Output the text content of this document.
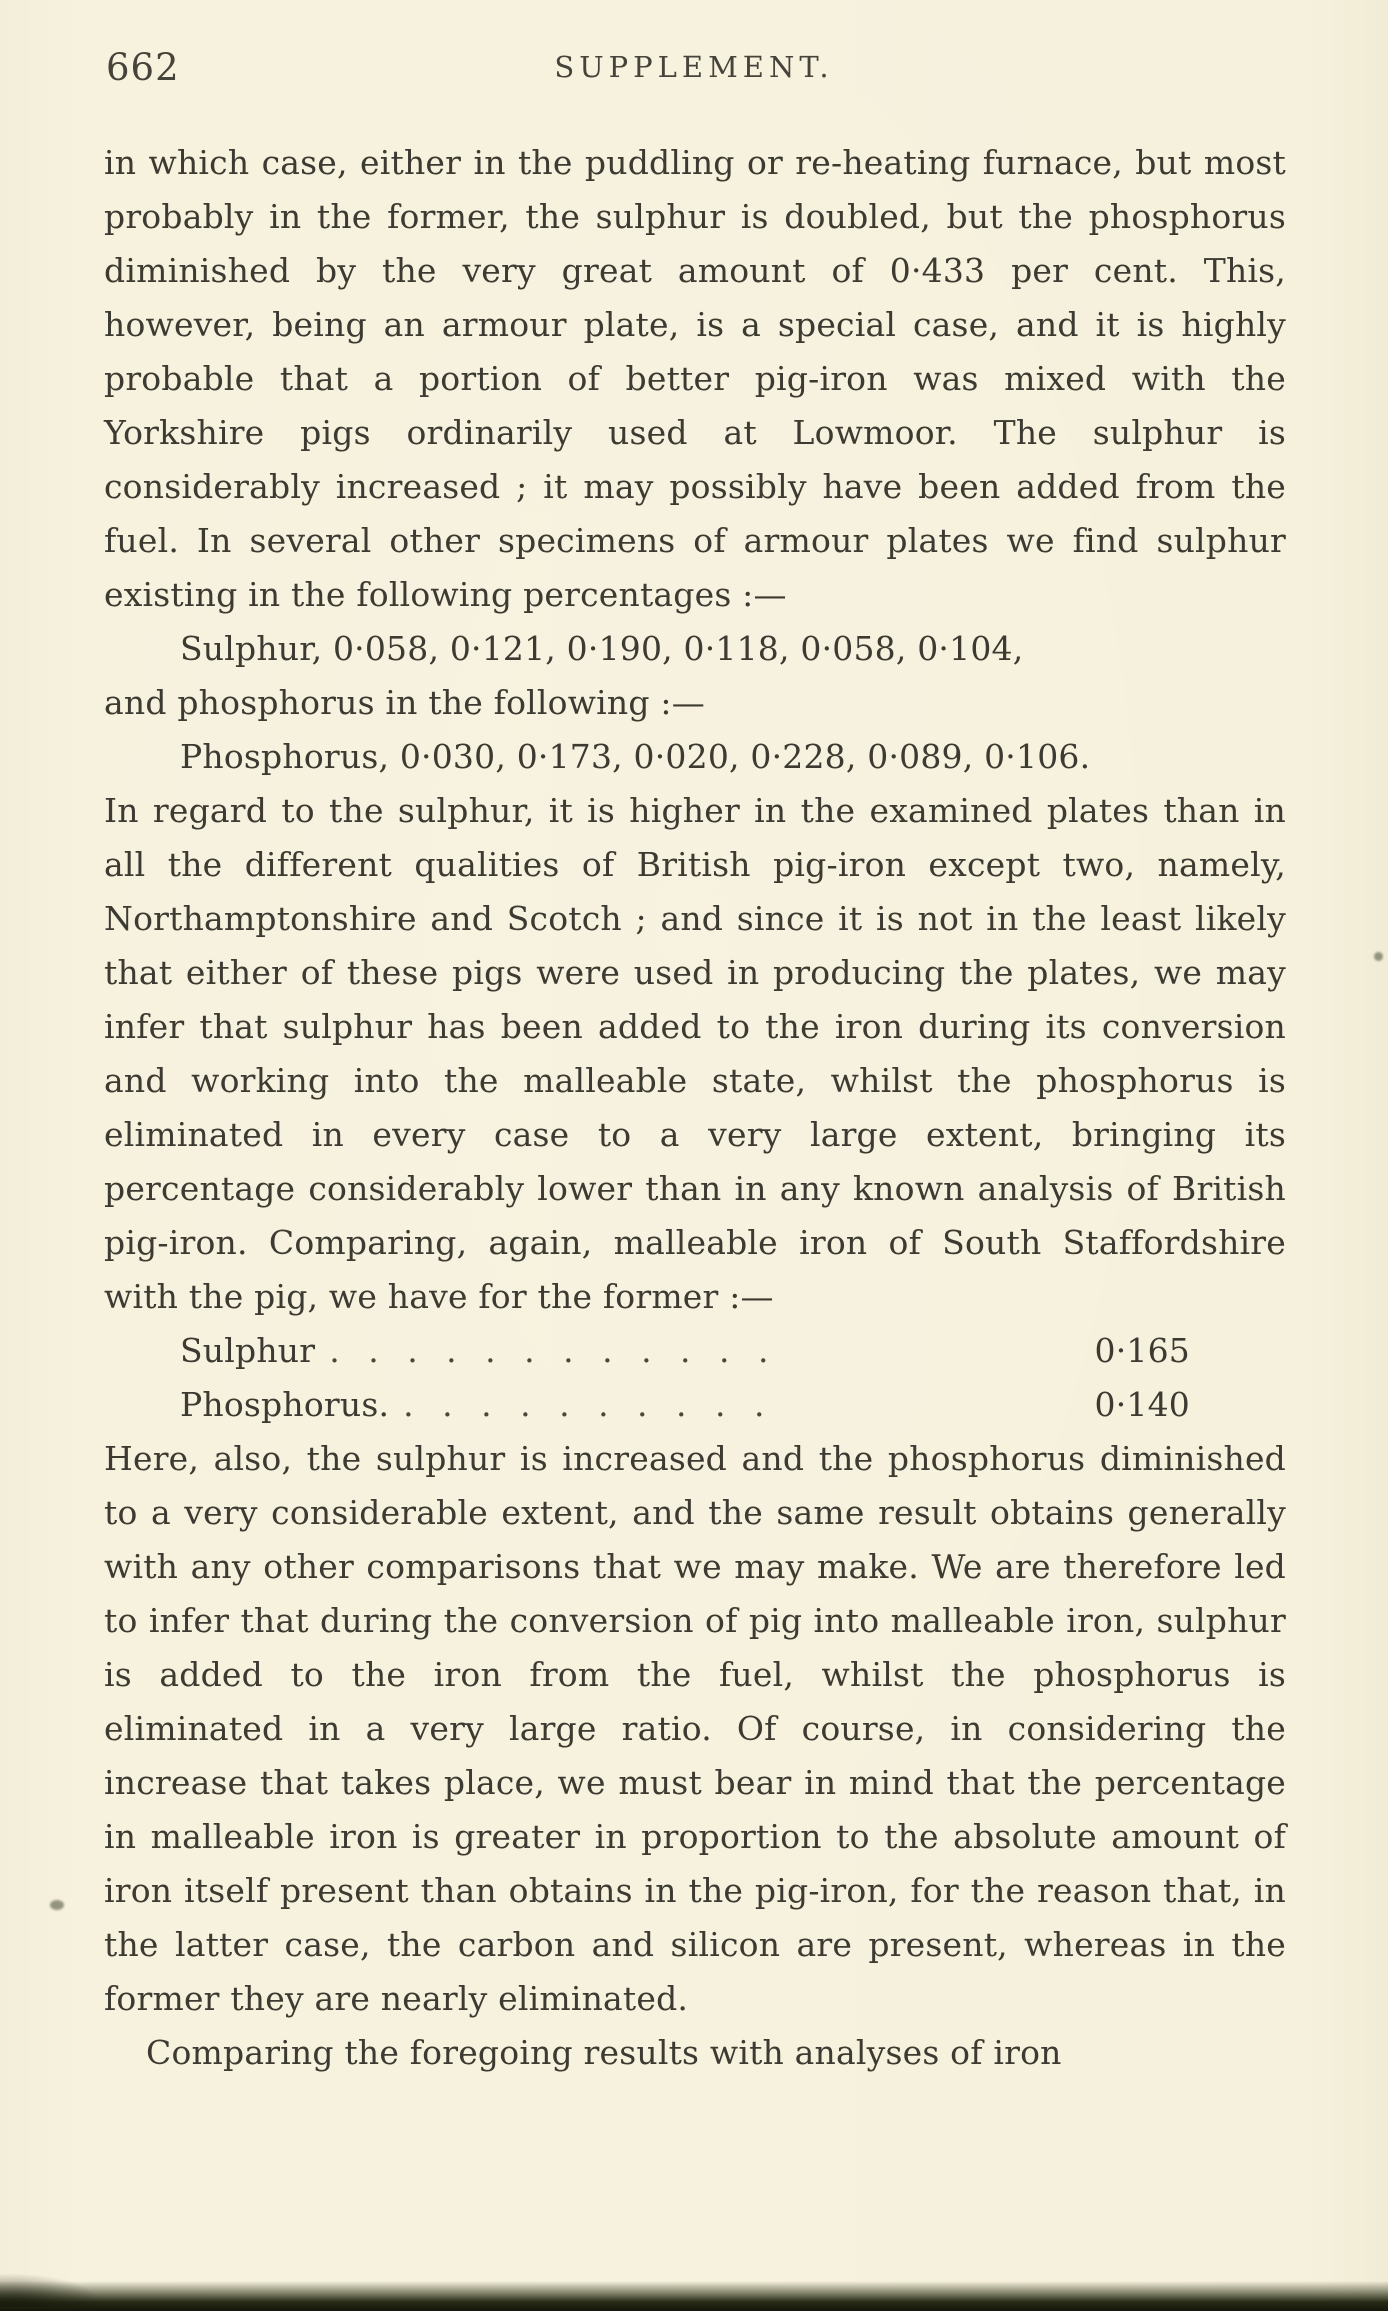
662	SUPPLEMENT.

in which case, either in the puddling or re-heating furnace, but most probably in the former, the sulphur is doubled, but the phosphorus diminished by the very great amount of 0·433 per cent. This, however, being an armour plate, is a special case, and it is highly probable that a portion of better pig-iron was mixed with the Yorkshire pigs ordinarily used at Lowmoor. The sulphur is considerably increased ; it may possibly have been added from the fuel. In several other specimens of armour plates we find sulphur existing in the following percentages :—

Sulphur, 0·058, 0·121, 0·190, 0·118, 0·058, 0·104,

and phosphorus in the following :—

Phosphorus, 0·030, 0·173, 0·020, 0·228, 0·089, 0·106.

In regard to the sulphur, it is higher in the examined plates than in all the different qualities of British pig-iron except two, namely, Northamptonshire and Scotch ; and since it is not in the least likely that either of these pigs were used in producing the plates, we may infer that sulphur has been added to the iron during its conversion and working into the malleable state, whilst the phosphorus is eliminated in every case to a very large extent, bringing its percentage considerably lower than in any known analysis of British pig-iron. Comparing, again, malleable iron of South Staffordshire with the pig, we have for the former :—

Sulphur . . . . . . . . . . . .	0·165
Phosphorus. . . . . . . . . . .	0·140

Here, also, the sulphur is increased and the phosphorus diminished to a very considerable extent, and the same result obtains generally with any other comparisons that we may make. We are therefore led to infer that during the conversion of pig into malleable iron, sulphur is added to the iron from the fuel, whilst the phosphorus is eliminated in a very large ratio. Of course, in considering the increase that takes place, we must bear in mind that the percentage in malleable iron is greater in proportion to the absolute amount of iron itself present than obtains in the pig-iron, for the reason that, in the latter case, the carbon and silicon are present, whereas in the former they are nearly eliminated.

Comparing the foregoing results with analyses of iron
